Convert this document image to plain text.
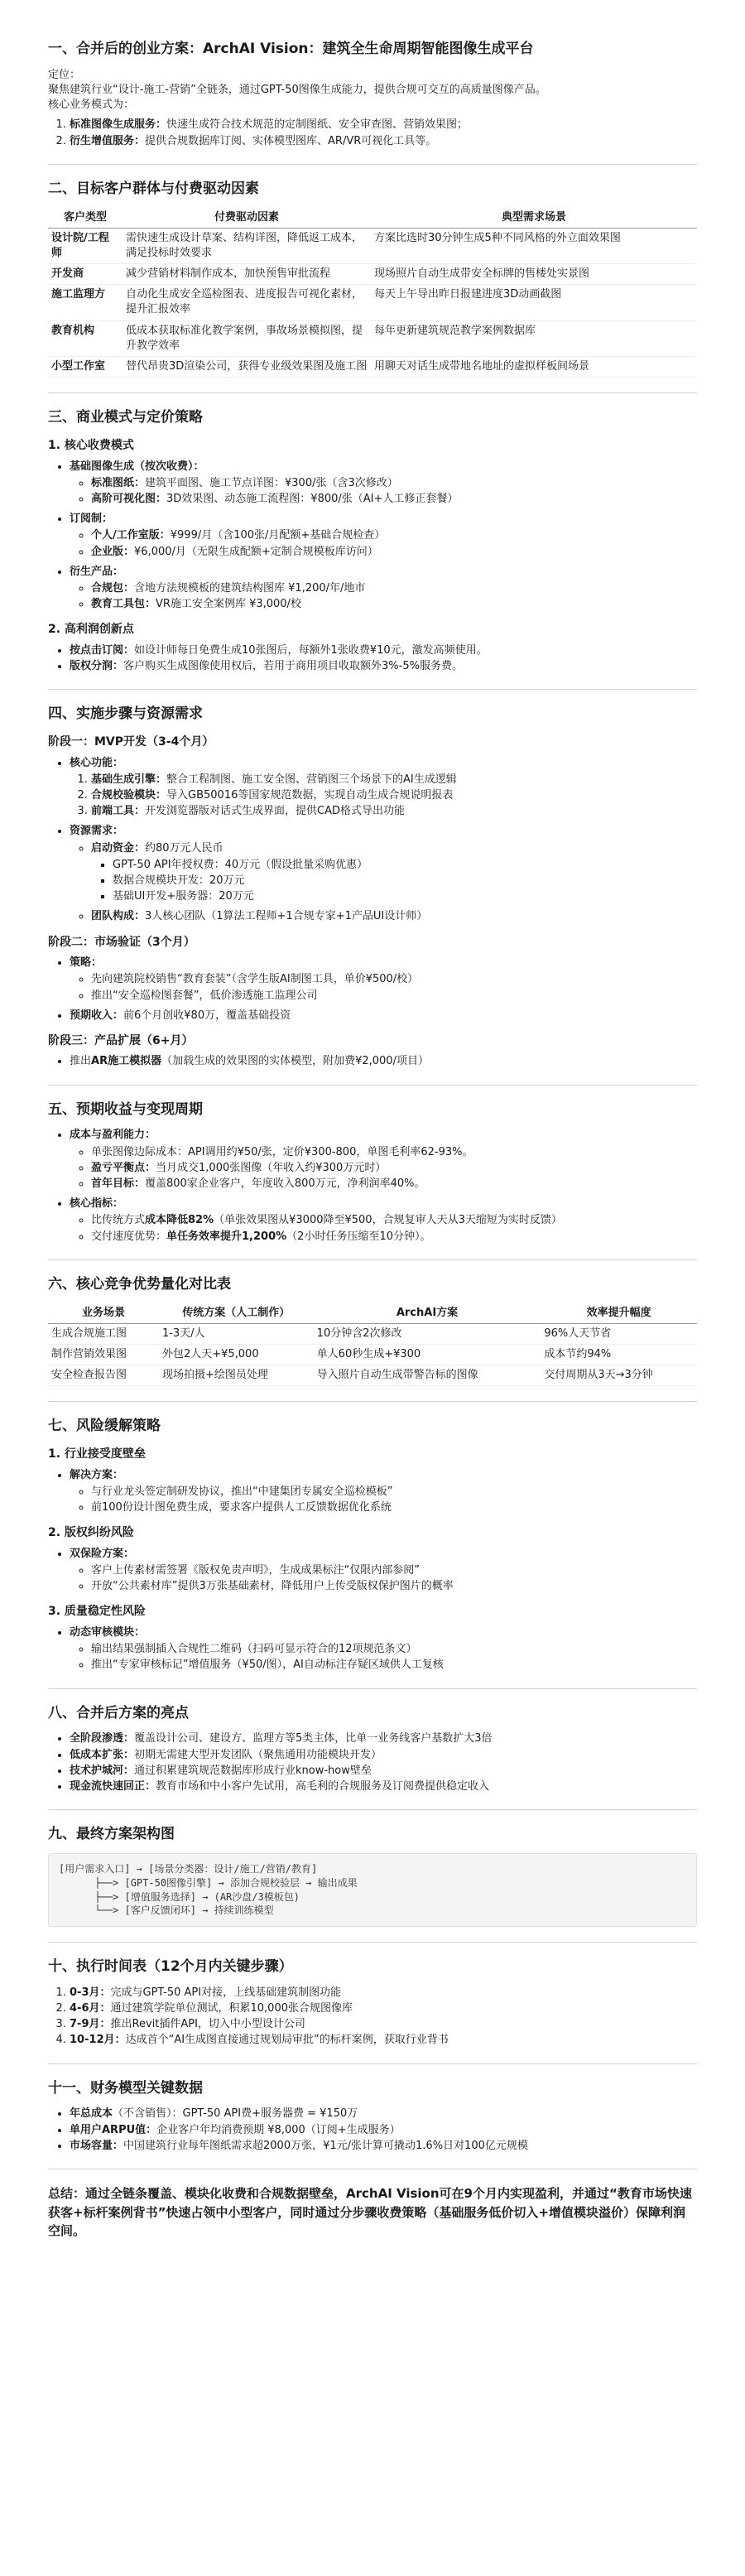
一、合并后的创业方案：ArchAI Vision：建筑全生命周期智能图像生成平台

定位：
聚焦建筑行业“设计-施工-营销”全链条，通过GPT-50图像生成能力，提供合规可交互的高质量图像产品。
核心业务模式为：

1. 标准图像生成服务：快速生成符合技术规范的定制图纸、安全审查图、营销效果图；
2. 衍生增值服务：提供合规数据库订阅、实体模型图库、AR/VR可视化工具等。
二、目标客户群体与付费驱动因素
客户类型	付费驱动因素	典型需求场景
设计院/工程师	需快速生成设计草案、结构详图，降低返工成本，满足投标时效要求	方案比选时30分钟生成5种不同风格的外立面效果图
开发商	减少营销材料制作成本，加快预售审批流程	现场照片自动生成带安全标牌的售楼处实景图
施工监理方	自动化生成安全巡检图表、进度报告可视化素材，提升汇报效率	每天上午导出昨日报建进度3D动画截图
教育机构	低成本获取标准化教学案例，事故场景模拟图，提升教学效率	每年更新建筑规范教学案例数据库
小型工作室	替代昂贵3D渲染公司，获得专业级效果图及施工图	用聊天对话生成带地名地址的虚拟样板间场景
三、商业模式与定价策略
1. 核心收费模式
• 基础图像生成（按次收费）：
◦ 标准图纸：建筑平面图、施工节点详图：¥300/张（含3次修改）
◦ 高阶可视化图：3D效果图、动态施工流程图：¥800/张（AI+人工修正套餐）
• 订阅制：
◦ 个人/工作室版：¥999/月（含100张/月配额+基础合规检查）
◦ 企业版：¥6,000/月（无限生成配额+定制合规模板库访问）
• 衍生产品：
◦ 合规包：含地方法规模板的建筑结构图库 ¥1,200/年/地市
◦ 教育工具包：VR施工安全案例库 ¥3,000/校
2. 高利润创新点
• 按点击订阅：如设计师每日免费生成10张图后，每额外1张收费¥10元，激发高频使用。
• 版权分润：客户购买生成图像使用权后，若用于商用项目收取额外3%-5%服务费。
四、实施步骤与资源需求
阶段一：MVP开发（3-4个月）
• 核心功能：
1. 基础生成引擎：整合工程制图、施工安全图、营销图三个场景下的AI生成逻辑
2. 合规校验模块：导入GB50016等国家规范数据，实现自动生成合规说明报表
3. 前端工具：开发浏览器版对话式生成界面，提供CAD格式导出功能
• 资源需求：
◦ 启动资金：约80万元人民币
▪ GPT-50 API年授权费：40万元（假设批量采购优惠）
▪ 数据合规模块开发：20万元
▪ 基础UI开发+服务器：20万元
◦ 团队构成：3人核心团队（1算法工程师+1合规专家+1产品UI设计师）
阶段二：市场验证（3个月）
• 策略：
◦ 先向建筑院校销售“教育套装”（含学生版AI制图工具，单价¥500/校）
◦ 推出“安全巡检图套餐”，低价渗透施工监理公司
• 预期收入：前6个月创收¥80万，覆盖基础投资
阶段三：产品扩展（6+月）
• 推出AR施工模拟器（加载生成的效果图的实体模型，附加费¥2,000/项目）
五、预期收益与变现周期
• 成本与盈利能力：
◦ 单张图像边际成本：API调用约¥50/张，定价¥300-800，单图毛利率62-93%。
◦ 盈亏平衡点：当月成交1,000张图像（年收入约¥300万元时）
◦ 首年目标：覆盖800家企业客户，年度收入800万元，净利润率40%。
• 核心指标：
◦ 比传统方式成本降低82%（单张效果图从¥3000降至¥500，合规复审人天从3天缩短为实时反馈）
◦ 交付速度优势：单任务效率提升1,200%（2小时任务压缩至10分钟）。
六、核心竞争优势量化对比表
业务场景	传统方案（人工制作）	ArchAI方案	效率提升幅度
生成合规施工图	1-3天/人	10分钟含2次修改	96%人天节省
制作营销效果图	外包2人天+¥5,000	单人60秒生成+¥300	成本节约94%
安全检查报告图	现场拍摄+绘图员处理	导入照片自动生成带警告标的图像	交付周期从3天→3分钟
七、风险缓解策略
1. 行业接受度壁垒
• 解决方案：
◦ 与行业龙头签定制研发协议，推出“中建集团专属安全巡检模板”
◦ 前100份设计图免费生成，要求客户提供人工反馈数据优化系统
2. 版权纠纷风险
• 双保险方案：
◦ 客户上传素材需签署《版权免责声明》，生成成果标注“仅限内部参阅”
◦ 开放“公共素材库”提供3万张基础素材，降低用户上传受版权保护图片的概率
3. 质量稳定性风险
• 动态审核模块：
◦ 输出结果强制插入合规性二维码（扫码可显示符合的12项规范条文）
◦ 推出“专家审核标记”增值服务（¥50/图），AI自动标注存疑区域供人工复核
八、合并后方案的亮点
• 全阶段渗透：覆盖设计公司、建设方、监理方等5类主体，比单一业务线客户基数扩大3倍
• 低成本扩张：初期无需建大型开发团队（聚焦通用功能模块开发）
• 技术护城河：通过积累建筑规范数据库形成行业know-how壁垒
• 现金流快速回正：教育市场和中小客户先试用，高毛利的合规服务及订阅费提供稳定收入
九、最终方案架构图
[用户需求入口] → [场景分类器：设计/施工/营销/教育]
├──> [GPT-50图像引擎] → 添加合规校验层 → 输出成果
├──> [增值服务选择] → (AR沙盘/3模板包)
└──> [客户反馈闭环] → 持续训练模型
十、执行时间表（12个月内关键步骤）
1. 0-3月：完成与GPT-50 API对接，上线基础建筑制图功能
2. 4-6月：通过建筑学院单位测试，积累10,000张合规图像库
3. 7-9月：推出Revit插件API，切入中小型设计公司
4. 10-12月：达成首个“AI生成图直接通过规划局审批”的标杆案例，获取行业背书
十一、财务模型关键数据
• 年总成本（不含销售）：GPT-50 API费+服务器费 = ¥150万
• 单用户ARPU值：企业客户年均消费预期 ¥8,000（订阅+生成服务）
• 市场容量：中国建筑行业每年图纸需求超2000万张，¥1元/张计算可撬动1.6%日对100亿元规模

总结：通过全链条覆盖、模块化收费和合规数据壁垒，ArchAI Vision可在9个月内实现盈利，并通过“教育市场快速获客+标杆案例背书”快速占领中小型客户，同时通过分步骤收费策略（基础服务低价切入+增值模块溢价）保障利润空间。
